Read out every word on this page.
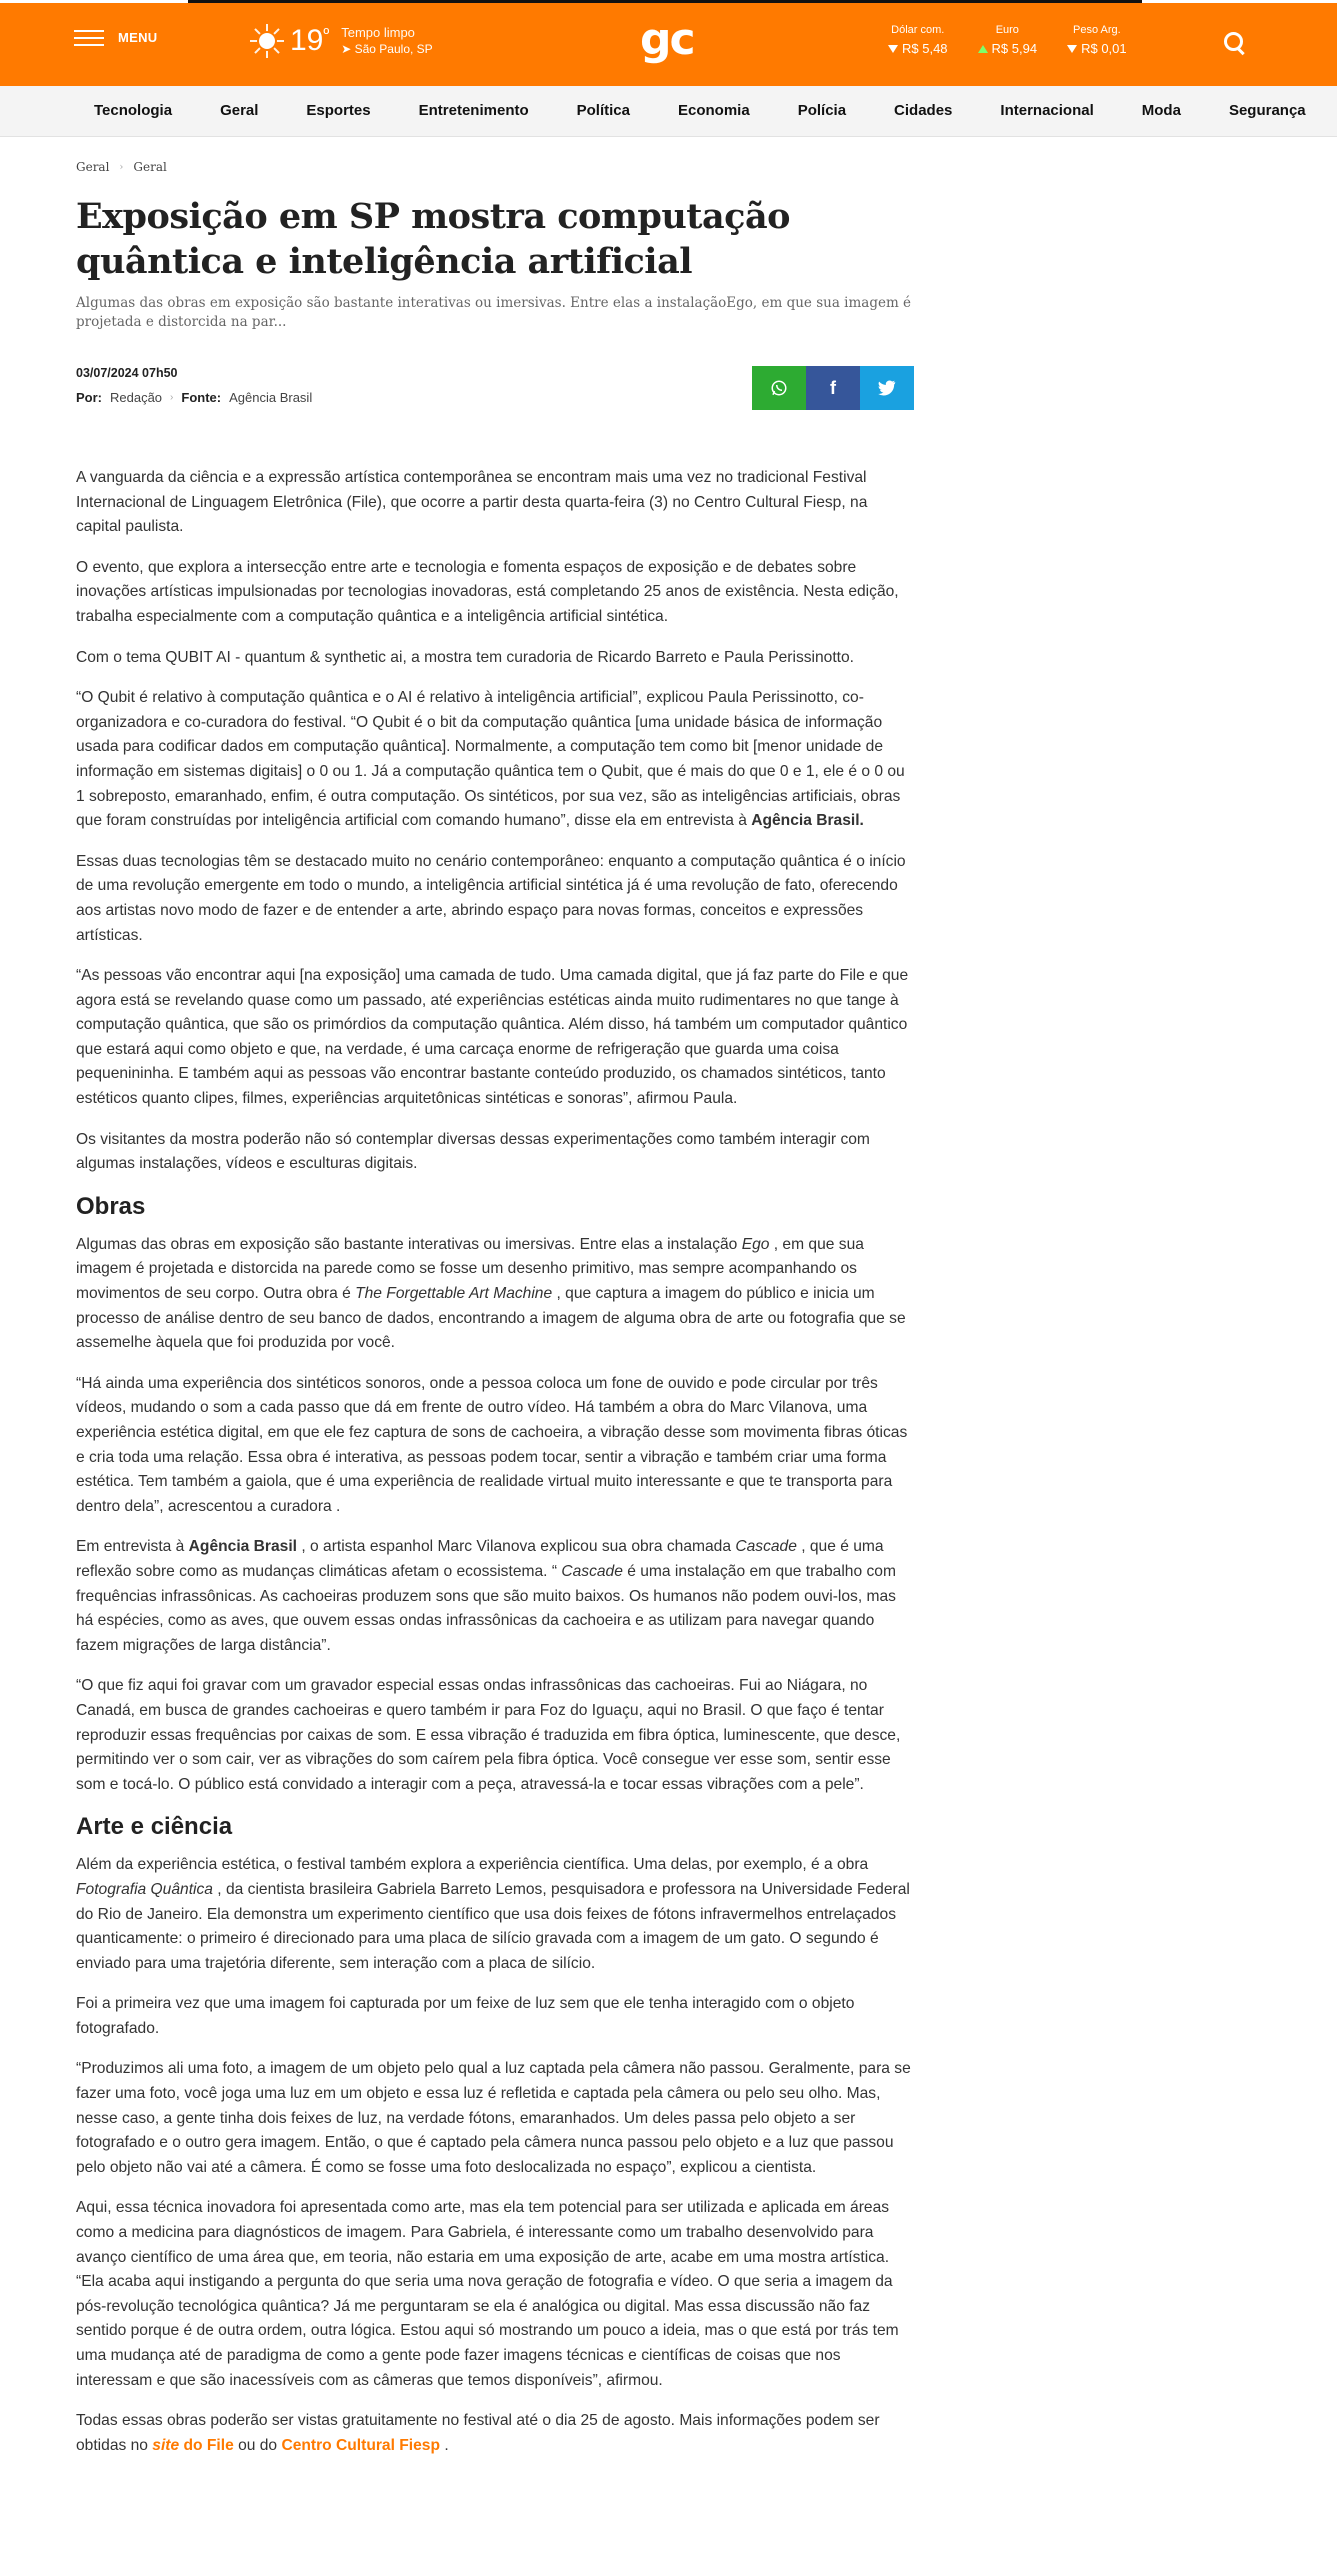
MENU	$19^º$ Tempo limpo
➤ São Paulo, SP	gc	Dólar com.
R$ 5,48
Euro
R$ 5,94
Peso Arg.
R$ 0,01
Tecnologia	Geral	Esportes	Entretenimento	Política	Economia	Polícia	Cidades	Internacional	Moda	Segurança
Geral › Geral
Exposição em SP mostra computação quântica e inteligência artificial

Algumas das obras em exposição são bastante interativas ou imersivas. Entre elas a instalaçãoEgo, em que sua imagem é projetada e distorcida na par...

03/07/2024 07h50
Por: Redação › Fonte: Agência Brasil	f

A vanguarda da ciência e a expressão artística contemporânea se encontram mais uma vez no tradicional Festival Internacional de Linguagem Eletrônica (File), que ocorre a partir desta quarta-feira (3) no Centro Cultural Fiesp, na capital paulista.

O evento, que explora a intersecção entre arte e tecnologia e fomenta espaços de exposição e de debates sobre inovações artísticas impulsionadas por tecnologias inovadoras, está completando 25 anos de existência. Nesta edição, trabalha especialmente com a computação quântica e a inteligência artificial sintética.

Com o tema QUBIT AI - quantum & synthetic ai, a mostra tem curadoria de Ricardo Barreto e Paula Perissinotto.

“O Qubit é relativo à computação quântica e o AI é relativo à inteligência artificial”, explicou Paula Perissinotto, co-organizadora e co-curadora do festival. “O Qubit é o bit da computação quântica [uma unidade básica de informação usada para codificar dados em computação quântica]. Normalmente, a computação tem como bit [menor unidade de informação em sistemas digitais] o 0 ou 1. Já a computação quântica tem o Qubit, que é mais do que 0 e 1, ele é o 0 ou 1 sobreposto, emaranhado, enfim, é outra computação. Os sintéticos, por sua vez, são as inteligências artificiais, obras que foram construídas por inteligência artificial com comando humano”, disse ela em entrevista à Agência Brasil.

Essas duas tecnologias têm se destacado muito no cenário contemporâneo: enquanto a computação quântica é o início de uma revolução emergente em todo o mundo, a inteligência artificial sintética já é uma revolução de fato, oferecendo aos artistas novo modo de fazer e de entender a arte, abrindo espaço para novas formas, conceitos e expressões artísticas.

“As pessoas vão encontrar aqui [na exposição] uma camada de tudo. Uma camada digital, que já faz parte do File e que agora está se revelando quase como um passado, até experiências estéticas ainda muito rudimentares no que tange à computação quântica, que são os primórdios da computação quântica. Além disso, há também um computador quântico que estará aqui como objeto e que, na verdade, é uma carcaça enorme de refrigeração que guarda uma coisa pequenininha. E também aqui as pessoas vão encontrar bastante conteúdo produzido, os chamados sintéticos, tanto estéticos quanto clipes, filmes, experiências arquitetônicas sintéticas e sonoras”, afirmou Paula.

Os visitantes da mostra poderão não só contemplar diversas dessas experimentações como também interagir com algumas instalações, vídeos e esculturas digitais.

Obras

Algumas das obras em exposição são bastante interativas ou imersivas. Entre elas a instalação Ego , em que sua imagem é projetada e distorcida na parede como se fosse um desenho primitivo, mas sempre acompanhando os movimentos de seu corpo. Outra obra é The Forgettable Art Machine , que captura a imagem do público e inicia um processo de análise dentro de seu banco de dados, encontrando a imagem de alguma obra de arte ou fotografia que se assemelhe àquela que foi produzida por você.

“Há ainda uma experiência dos sintéticos sonoros, onde a pessoa coloca um fone de ouvido e pode circular por três vídeos, mudando o som a cada passo que dá em frente de outro vídeo. Há também a obra do Marc Vilanova, uma experiência estética digital, em que ele fez captura de sons de cachoeira, a vibração desse som movimenta fibras óticas e cria toda uma relação. Essa obra é interativa, as pessoas podem tocar, sentir a vibração e também criar uma forma estética. Tem também a gaiola, que é uma experiência de realidade virtual muito interessante e que te transporta para dentro dela”, acrescentou a curadora .

Em entrevista à Agência Brasil , o artista espanhol Marc Vilanova explicou sua obra chamada Cascade , que é uma reflexão sobre como as mudanças climáticas afetam o ecossistema. “ Cascade é uma instalação em que trabalho com frequências infrassônicas. As cachoeiras produzem sons que são muito baixos. Os humanos não podem ouvi-los, mas há espécies, como as aves, que ouvem essas ondas infrassônicas da cachoeira e as utilizam para navegar quando fazem migrações de larga distância”.

“O que fiz aqui foi gravar com um gravador especial essas ondas infrassônicas das cachoeiras. Fui ao Niágara, no Canadá, em busca de grandes cachoeiras e quero também ir para Foz do Iguaçu, aqui no Brasil. O que faço é tentar reproduzir essas frequências por caixas de som. E essa vibração é traduzida em fibra óptica, luminescente, que desce, permitindo ver o som cair, ver as vibrações do som caírem pela fibra óptica. Você consegue ver esse som, sentir esse som e tocá-lo. O público está convidado a interagir com a peça, atravessá-la e tocar essas vibrações com a pele”.

Arte e ciência

Além da experiência estética, o festival também explora a experiência científica. Uma delas, por exemplo, é a obra Fotografia Quântica , da cientista brasileira Gabriela Barreto Lemos, pesquisadora e professora na Universidade Federal do Rio de Janeiro. Ela demonstra um experimento científico que usa dois feixes de fótons infravermelhos entrelaçados quanticamente: o primeiro é direcionado para uma placa de silício gravada com a imagem de um gato. O segundo é enviado para uma trajetória diferente, sem interação com a placa de silício.

Foi a primeira vez que uma imagem foi capturada por um feixe de luz sem que ele tenha interagido com o objeto fotografado.

“Produzimos ali uma foto, a imagem de um objeto pelo qual a luz captada pela câmera não passou. Geralmente, para se fazer uma foto, você joga uma luz em um objeto e essa luz é refletida e captada pela câmera ou pelo seu olho. Mas, nesse caso, a gente tinha dois feixes de luz, na verdade fótons, emaranhados. Um deles passa pelo objeto a ser fotografado e o outro gera imagem. Então, o que é captado pela câmera nunca passou pelo objeto e a luz que passou pelo objeto não vai até a câmera. É como se fosse uma foto deslocalizada no espaço”, explicou a cientista.

Aqui, essa técnica inovadora foi apresentada como arte, mas ela tem potencial para ser utilizada e aplicada em áreas como a medicina para diagnósticos de imagem. Para Gabriela, é interessante como um trabalho desenvolvido para avanço científico de uma área que, em teoria, não estaria em uma exposição de arte, acabe em uma mostra artística. “Ela acaba aqui instigando a pergunta do que seria uma nova geração de fotografia e vídeo. O que seria a imagem da pós-revolução tecnológica quântica? Já me perguntaram se ela é analógica ou digital. Mas essa discussão não faz sentido porque é de outra ordem, outra lógica. Estou aqui só mostrando um pouco a ideia, mas o que está por trás tem uma mudança até de paradigma de como a gente pode fazer imagens técnicas e científicas de coisas que nos interessam e que são inacessíveis com as câmeras que temos disponíveis”, afirmou.

Todas essas obras poderão ser vistas gratuitamente no festival até o dia 25 de agosto. Mais informações podem ser obtidas no site do File ou do Centro Cultural Fiesp .
